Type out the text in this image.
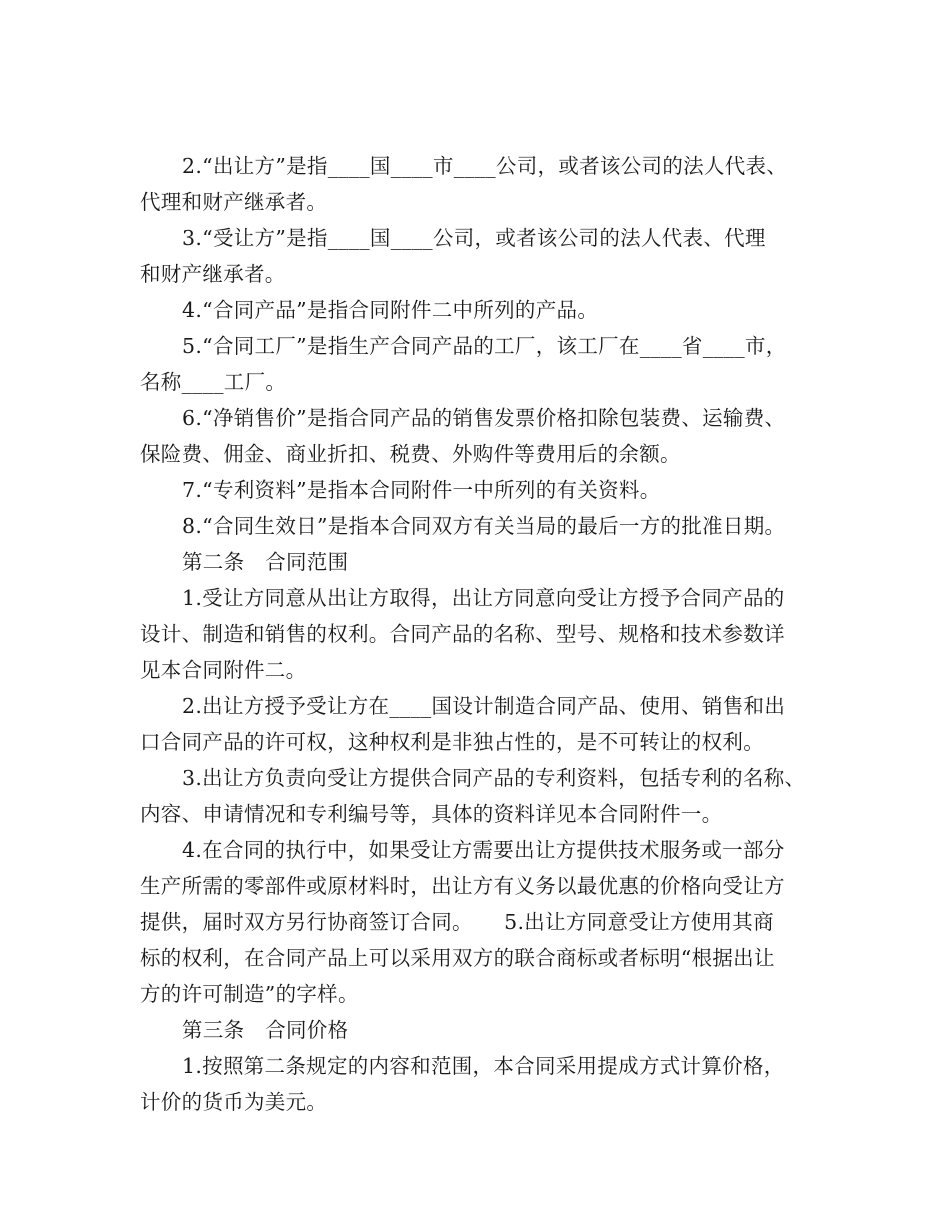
2.“出让方”是指____国____市____公司，或者该公司的法人代表、
代理和财产继承者。
3.“受让方”是指____国____公司，或者该公司的法人代表、代理
和财产继承者。
4.“合同产品”是指合同附件二中所列的产品。
5.“合同工厂”是指生产合同产品的工厂，该工厂在____省____市，
名称____工厂。
6.“净销售价”是指合同产品的销售发票价格扣除包装费、运输费、
保险费、佣金、商业折扣、税费、外购件等费用后的余额。
7.“专利资料”是指本合同附件一中所列的有关资料。
8.“合同生效日”是指本合同双方有关当局的最后一方的批准日期。
第二条　合同范围
1.受让方同意从出让方取得，出让方同意向受让方授予合同产品的
设计、制造和销售的权利。合同产品的名称、型号、规格和技术参数详
见本合同附件二。
2.出让方授予受让方在____国设计制造合同产品、使用、销售和出
口合同产品的许可权，这种权利是非独占性的，是不可转让的权利。
3.出让方负责向受让方提供合同产品的专利资料，包括专利的名称、
内容、申请情况和专利编号等，具体的资料详见本合同附件一。
4.在合同的执行中，如果受让方需要出让方提供技术服务或一部分
生产所需的零部件或原材料时，出让方有义务以最优惠的价格向受让方
提供，届时双方另行协商签订合同。　　5.出让方同意受让方使用其商
标的权利，在合同产品上可以采用双方的联合商标或者标明“根据出让
方的许可制造”的字样。
第三条　合同价格
1.按照第二条规定的内容和范围，本合同采用提成方式计算价格，
计价的货币为美元。
